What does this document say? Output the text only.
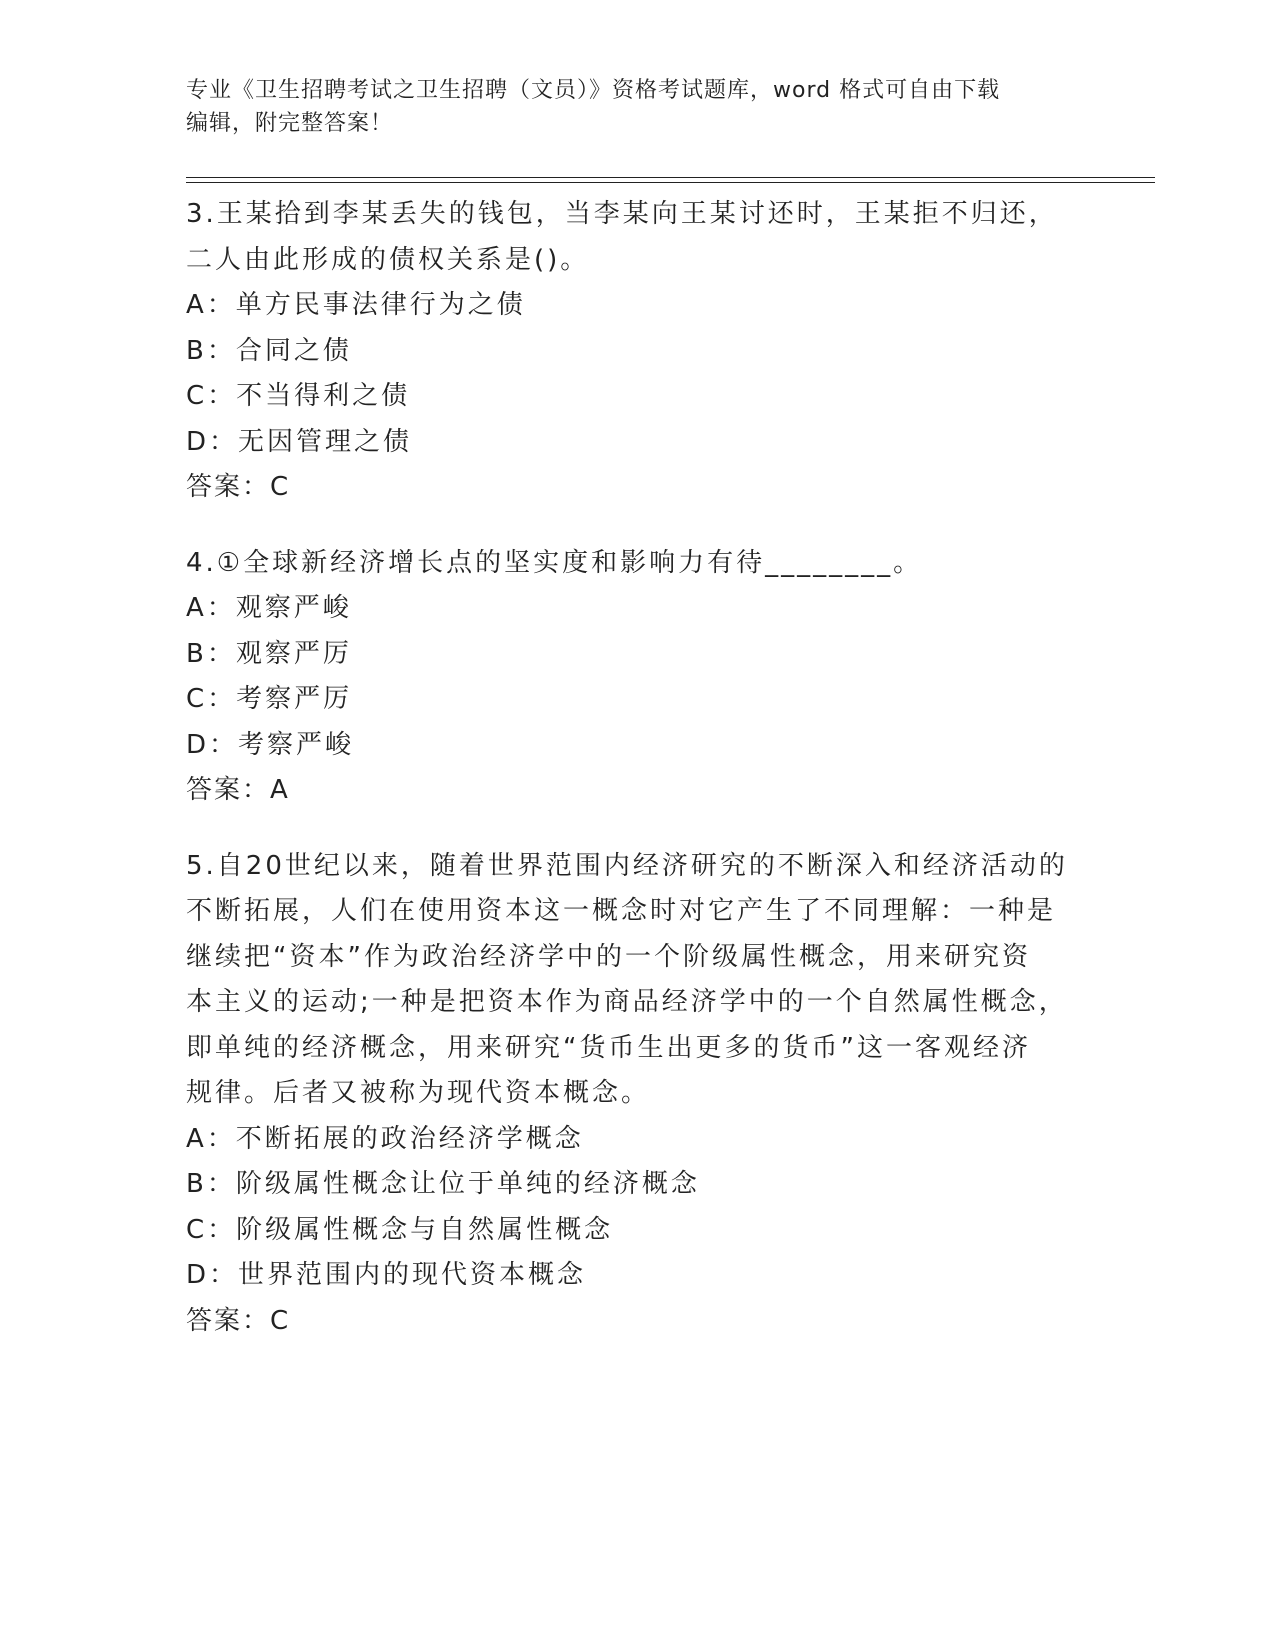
专业《卫生招聘考试之卫生招聘（文员）》资格考试题库，word 格式可自由下载
编辑，附完整答案！
3.王某拾到李某丢失的钱包，当李某向王某讨还时，王某拒不归还，
二人由此形成的债权关系是()。
A：单方民事法律行为之债
B：合同之债
C：不当得利之债
D：无因管理之债
答案：C
4.①全球新经济增长点的坚实度和影响力有待________。
A：观察严峻
B：观察严厉
C：考察严厉
D：考察严峻
答案：A
5.自20世纪以来，随着世界范围内经济研究的不断深入和经济活动的
不断拓展，人们在使用资本这一概念时对它产生了不同理解：一种是
继续把“资本”作为政治经济学中的一个阶级属性概念，用来研究资
本主义的运动;一种是把资本作为商品经济学中的一个自然属性概念，
即单纯的经济概念，用来研究“货币生出更多的货币”这一客观经济
规律。后者又被称为现代资本概念。
A：不断拓展的政治经济学概念
B：阶级属性概念让位于单纯的经济概念
C：阶级属性概念与自然属性概念
D：世界范围内的现代资本概念
答案：C
